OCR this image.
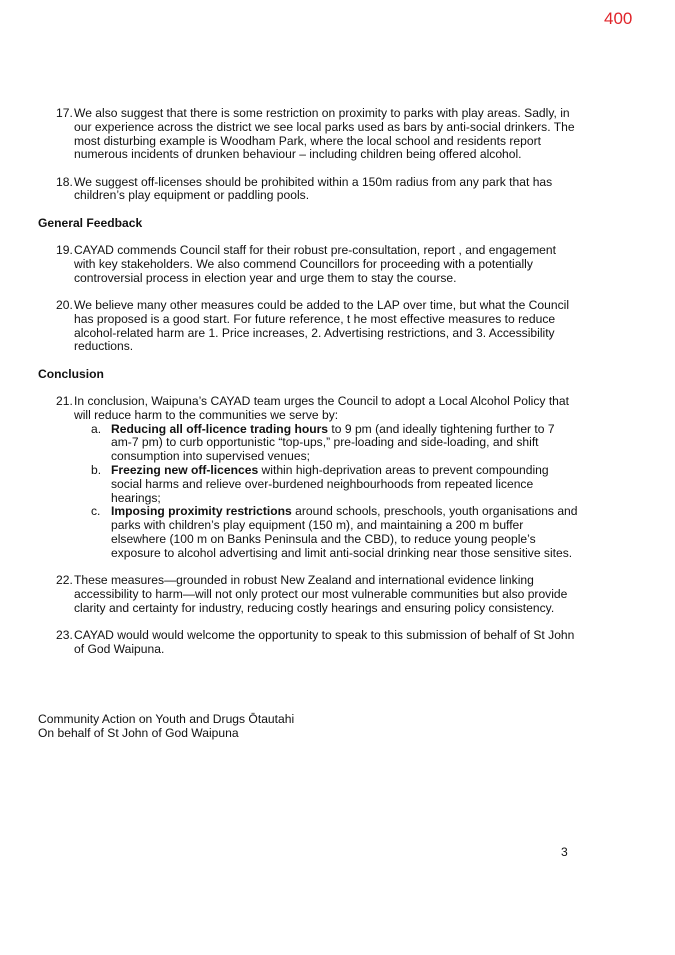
400
17. We also suggest that there is some restriction on proximity to parks with play areas. Sadly, in our experience across the district we see local parks used as bars by anti-social drinkers. The most disturbing example is Woodham Park, where the local school and residents report numerous incidents of drunken behaviour – including children being offered alcohol.
18. We suggest off-licenses should be prohibited within a 150m radius from any park that has children’s play equipment or paddling pools.
General Feedback
19. CAYAD commends Council staff for their robust pre-consultation, report , and engagement with key stakeholders. We also commend Councillors for proceeding with a potentially controversial process in election year and urge them to stay the course.
20. We believe many other measures could be added to the LAP over time, but what the Council has proposed is a good start. For future reference, t he most effective measures to reduce alcohol-related harm are 1. Price increases, 2. Advertising restrictions, and 3. Accessibility reductions.
Conclusion
21. In conclusion, Waipuna’s CAYAD team urges the Council to adopt a Local Alcohol Policy that will reduce harm to the communities we serve by:
a. Reducing all off-licence trading hours to 9 pm (and ideally tightening further to 7 am-7 pm) to curb opportunistic “top-ups,” pre-loading and side-loading, and shift consumption into supervised venues;
b. Freezing new off-licences within high-deprivation areas to prevent compounding social harms and relieve over-burdened neighbourhoods from repeated licence hearings;
c. Imposing proximity restrictions around schools, preschools, youth organisations and parks with children’s play equipment (150 m), and maintaining a 200 m buffer elsewhere (100 m on Banks Peninsula and the CBD), to reduce young people’s exposure to alcohol advertising and limit anti-social drinking near those sensitive sites.
22. These measures—grounded in robust New Zealand and international evidence linking accessibility to harm—will not only protect our most vulnerable communities but also provide clarity and certainty for industry, reducing costly hearings and ensuring policy consistency.
23. CAYAD would would welcome the opportunity to speak to this submission of behalf of St John of God Waipuna.
Community Action on Youth and Drugs Ōtautahi
On behalf of St John of God Waipuna
3
